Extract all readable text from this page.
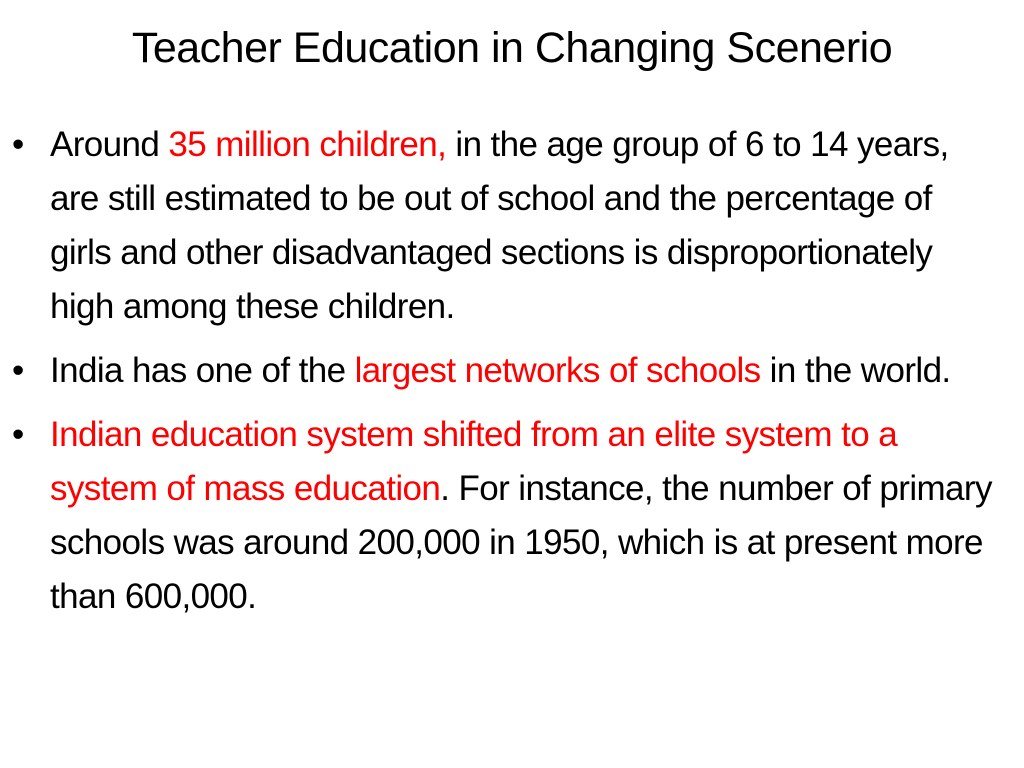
Teacher Education in Changing Scenerio
• Around 35 million children, in the age group of 6 to 14 years, are still estimated to be out of school and the percentage of girls and other disadvantaged sections is disproportionately high among these children.
• India has one of the largest networks of schools in the world.
• Indian education system shifted from an elite system to a system of mass education. For instance, the number of primary schools was around 200,000 in 1950, which is at present more than 600,000.
